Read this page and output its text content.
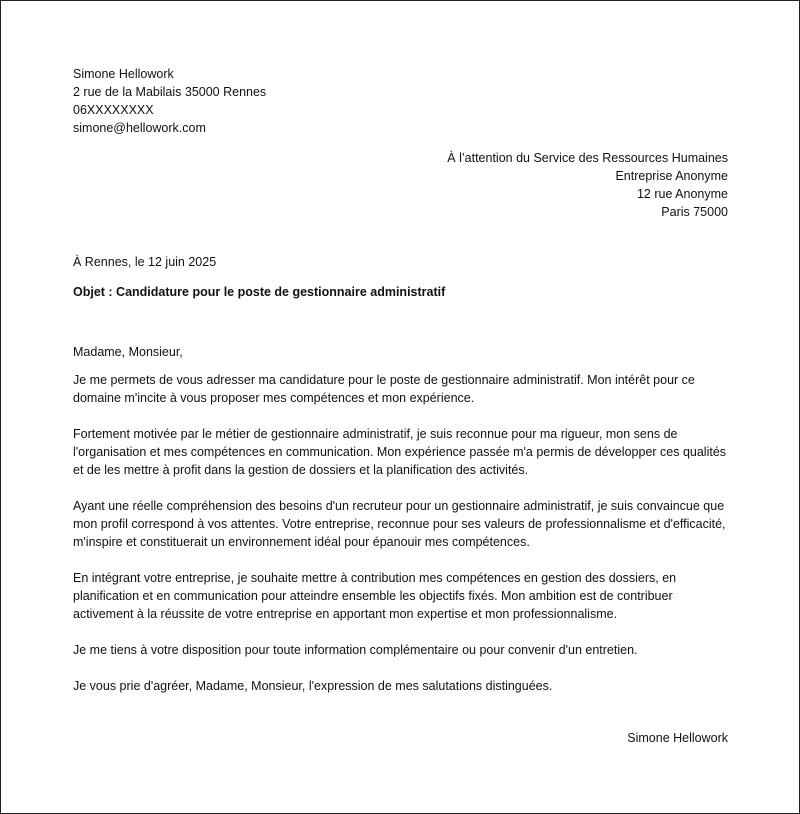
Simone Hellowork
2 rue de la Mabilais 35000 Rennes
06XXXXXXXX
simone@hellowork.com
À l’attention du Service des Ressources Humaines
Entreprise Anonyme
12 rue Anonyme
Paris 75000
À Rennes, le 12 juin 2025
Objet : Candidature pour le poste de gestionnaire administratif
Madame, Monsieur,

Je me permets de vous adresser ma candidature pour le poste de gestionnaire administratif. Mon intérêt pour ce domaine m'incite à vous proposer mes compétences et mon expérience.

Fortement motivée par le métier de gestionnaire administratif, je suis reconnue pour ma rigueur, mon sens de l'organisation et mes compétences en communication. Mon expérience passée m'a permis de développer ces qualités et de les mettre à profit dans la gestion de dossiers et la planification des activités.

Ayant une réelle compréhension des besoins d'un recruteur pour un gestionnaire administratif, je suis convaincue que mon profil correspond à vos attentes. Votre entreprise, reconnue pour ses valeurs de professionnalisme et d'efficacité, m'inspire et constituerait un environnement idéal pour épanouir mes compétences.

En intégrant votre entreprise, je souhaite mettre à contribution mes compétences en gestion des dossiers, en planification et en communication pour atteindre ensemble les objectifs fixés. Mon ambition est de contribuer activement à la réussite de votre entreprise en apportant mon expertise et mon professionnalisme.

Je me tiens à votre disposition pour toute information complémentaire ou pour convenir d'un entretien.

Je vous prie d'agréer, Madame, Monsieur, l'expression de mes salutations distinguées.

Simone Hellowork
